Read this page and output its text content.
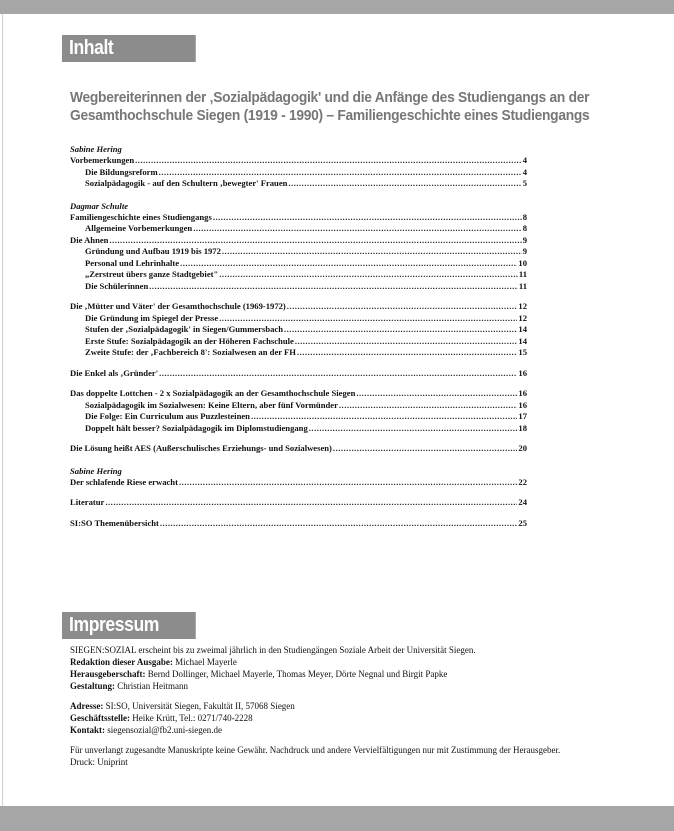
Inhalt
Wegbereiterinnen der ‚Sozialpädagogik' und die Anfänge des Studiengangs an der
Gesamthochschule Siegen (1919 - 1990) – Familiengeschichte eines Studiengangs
Sabine Hering
Vorbemerkungen .....	4
Die Bildungsreform .....	4
Sozialpädagogik - auf den Schultern ‚bewegter' Frauen .....	5
Dagmar Schulte
Familiengeschichte eines Studiengangs .....	8
Allgemeine Vorbemerkungen .....	8
Die Ahnen .....	9
Gründung und Aufbau 1919 bis 1972 .....	9
Personal und Lehrinhalte .....	10
„Zerstreut übers ganze Stadtgebiet" .....	11
Die Schülerinnen .....	11
Die ‚Mütter und Väter' der Gesamthochschule (1969-1972) .....	12
Die Gründung im Spiegel der Presse .....	12
Stufen der ‚Sozialpädagogik' in Siegen/Gummersbach .....	14
Erste Stufe: Sozialpädagogik an der Höheren Fachschule .....	14
Zweite Stufe: der ‚Fachbereich 8': Sozialwesen an der FH .....	15
Die Enkel als ‚Gründer' .....	16
Das doppelte Lottchen - 2 x Sozialpädagogik an der Gesamthochschule Siegen .....	16
Sozialpädagogik im Sozialwesen: Keine Eltern, aber fünf Vormünder .....	16
Die Folge: Ein Curriculum aus Puzzlesteinen .....	17
Doppelt hält besser? Sozialpädagogik im Diplomstudiengang .....	18
Die Lösung heißt AES (Außerschulisches Erziehungs- und Sozialwesen) .....	20
Sabine Hering
Der schlafende Riese erwacht .....	22
Literatur .....	24
SI:SO Themenübersicht .....	25
Impressum
SIEGEN:SOZIAL erscheint bis zu zweimal jährlich in den Studiengängen Soziale Arbeit der Universität Siegen.
Redaktion dieser Ausgabe: Michael Mayerle
Herausgeberschaft: Bernd Dollinger, Michael Mayerle, Thomas Meyer, Dörte Negnal und Birgit Papke
Gestaltung: Christian Heitmann
Adresse: SI:SO, Universität Siegen, Fakultät II, 57068 Siegen
Geschäftsstelle: Heike Krütt, Tel.: 0271/740-2228
Kontakt: siegensozial@fb2.uni-siegen.de
Für unverlangt zugesandte Manuskripte keine Gewähr. Nachdruck und andere Vervielfältigungen nur mit Zustimmung der Herausgeber.
Druck: Uniprint
